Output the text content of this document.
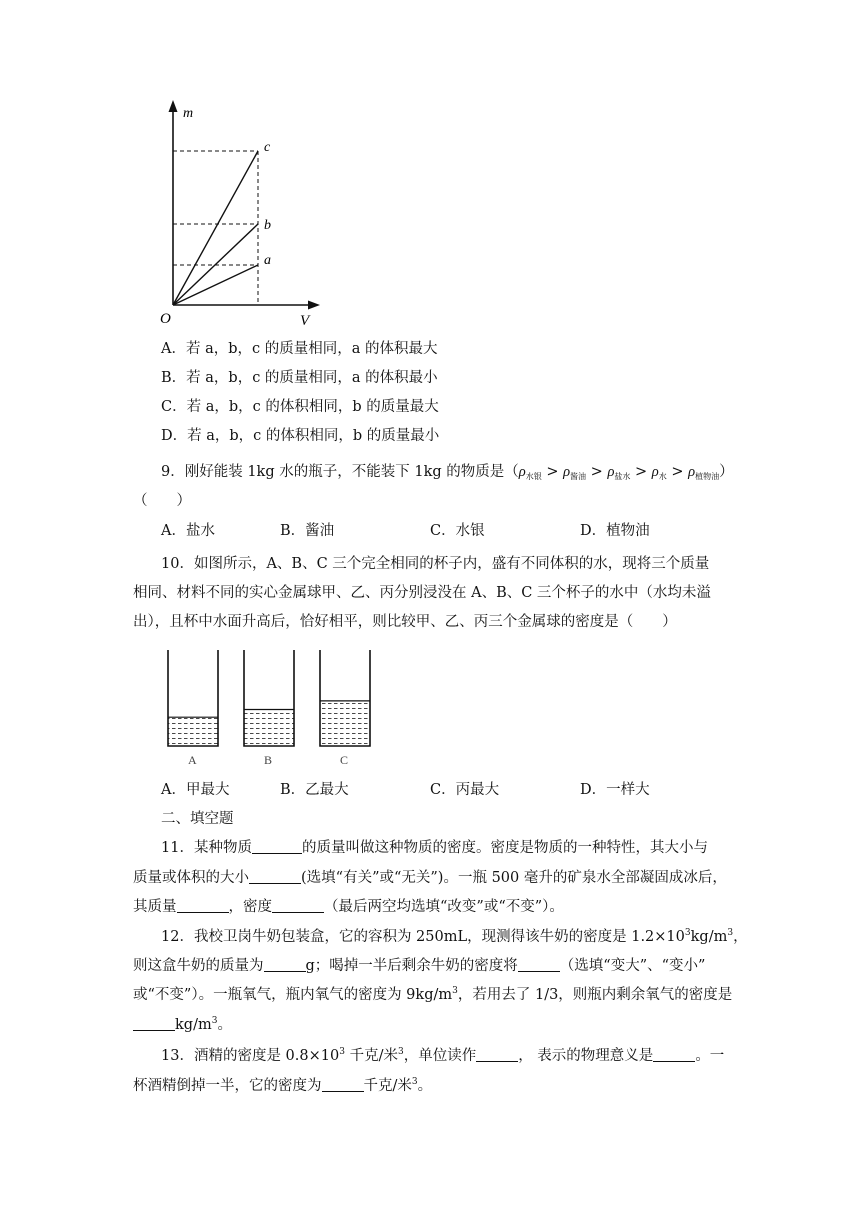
m
V
O
c
b
a
A．若 a，b，c 的质量相同，a 的体积最大
B．若 a，b，c 的质量相同，a 的体积最小
C．若 a，b，c 的体积相同，b 的质量最大
D．若 a，b，c 的体积相同，b 的质量最小
9．刚好能装 1kg 水的瓶子，不能装下 1kg 的物质是$(\rho_{水银} > \rho_{酱油} > \rho_{盐水} > \rho_水 > \rho_{植物油})$
（　　）
A．盐水	B．酱油	C．水银	D．植物油
10．如图所示，A、B、C 三个完全相同的杯子内，盛有不同体积的水，现将三个质量
相同、材料不同的实心金属球甲、乙、丙分别浸没在 A、B、C 三个杯子的水中（水均未溢
出），且杯中水面升高后，恰好相平，则比较甲、乙、丙三个金属球的密度是（　　）
A	B	C
A．甲最大	B．乙最大	C．丙最大	D．一样大
二、填空题
11．某种物质	的质量叫做这种物质的密度。密度是物质的一种特性，其大小与
质量或体积的大小	(选填“有关”或“无关”)。一瓶 500 毫升的矿泉水全部凝固成冰后，
其质量	，密度	（最后两空均选填“改变”或“不变”）。
12．我校卫岗牛奶包装盒，它的容积为 250mL，现测得该牛奶的密度是 $1.2\times 10^3kg/m^3$，
则这盒牛奶的质量为	g；喝掉一半后剩余牛奶的密度将	（选填“变大”、“变小”
或“不变”）。一瓶氧气，瓶内氧气的密度为 $9kg/m^3$，若用去了 1/3，则瓶内剩余氧气的密度是
$kg/m^3$。
13．酒精的密度是 $0.8\times 10^3$ 千克/米$^3$，单位读作	， 表示的物理意义是	。一
杯酒精倒掉一半，它的密度为	千克/米$^3$。
